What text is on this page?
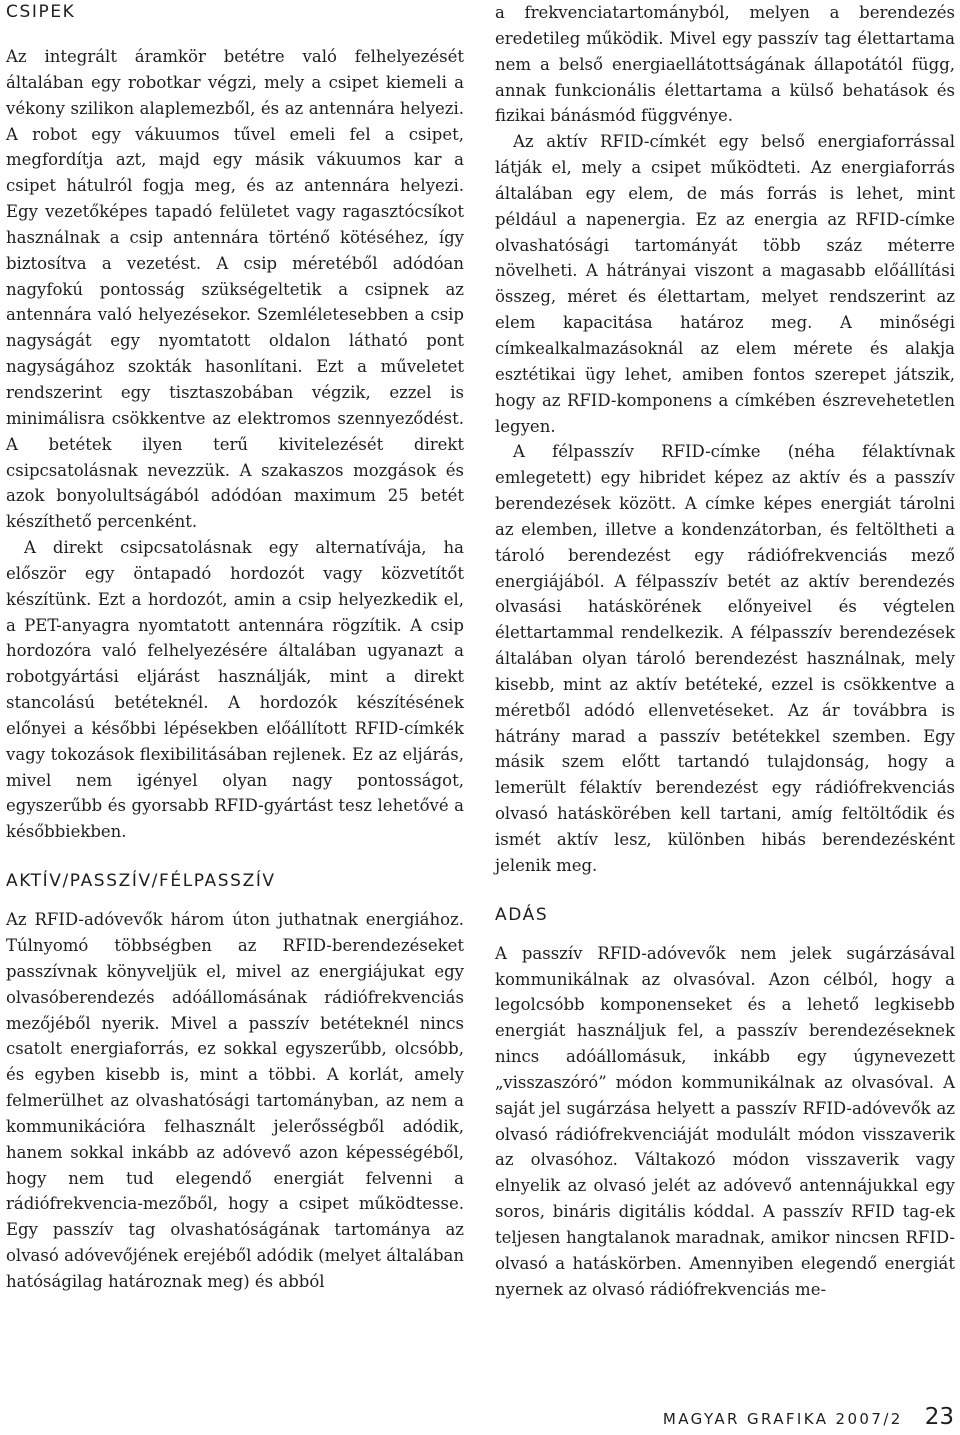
CSIPEK

Az integrált áramkör betétre való felhelyezését általában egy robotkar végzi, mely a csipet kiemeli a vékony szilikon alaplemezből, és az antennára helyezi. A robot egy vákuumos tűvel emeli fel a csipet, megfordítja azt, majd egy másik vákuumos kar a csipet hátulról fogja meg, és az antennára helyezi. Egy vezetőképes tapadó felületet vagy ragasztócsíkot használnak a csip antennára történő kötéséhez, így biztosítva a vezetést. A csip méretéből adódóan nagyfokú pontosság szükségeltetik a csipnek az antennára való helyezésekor. Szemléletesebben a csip nagyságát egy nyomtatott oldalon látható pont nagyságához szokták hasonlítani. Ezt a műveletet rendszerint egy tisztaszobában végzik, ezzel is minimálisra csökkentve az elektromos szennyeződést. A betétek ilyen terű kivitelezését direkt csipcsatolásnak nevezzük. A szakaszos mozgások és azok bonyolultságából adódóan maximum 25 betét készíthető percenként.

A direkt csipcsatolásnak egy alternatívája, ha először egy öntapadó hordozót vagy közvetítőt készítünk. Ezt a hordozót, amin a csip helyezkedik el, a PET-anyagra nyomtatott antennára rögzítik. A csip hordozóra való felhelyezésére általában ugyanazt a robotgyártási eljárást használják, mint a direkt stancolású betéteknél. A hordozók készítésének előnyei a későbbi lépésekben előállított RFID-címkék vagy tokozások flexibilitásában rejlenek. Ez az eljárás, mivel nem igényel olyan nagy pontosságot, egyszerűbb és gyorsabb RFID-gyártást tesz lehetővé a későbbiekben.

AKTÍV/PASSZÍV/FÉLPASSZÍV

Az RFID-adóvevők három úton juthatnak energiához. Túlnyomó többségben az RFID-berendezéseket passzívnak könyveljük el, mivel az energiájukat egy olvasóberendezés adóállomásának rádiófrekvenciás mezőjéből nyerik. Mivel a passzív betéteknél nincs csatolt energiaforrás, ez sokkal egyszerűbb, olcsóbb, és egyben kisebb is, mint a többi. A korlát, amely felmerülhet az olvashatósági tartományban, az nem a kommunikációra felhasznált jelerősségből adódik, hanem sokkal inkább az adóvevő azon képességéből, hogy nem tud elegendő energiát felvenni a rádiófrekvencia-mezőből, hogy a csipet működtesse. Egy passzív tag olvashatóságának tartománya az olvasó adóvevőjének erejéből adódik (melyet általában hatóságilag határoznak meg) és abból

a frekvenciatartományból, melyen a berendezés eredetileg működik. Mivel egy passzív tag élettartama nem a belső energiaellátottságának állapotától függ, annak funkcionális élettartama a külső behatások és fizikai bánásmód függvénye.

Az aktív RFID-címkét egy belső energiaforrással látják el, mely a csipet működteti. Az energiaforrás általában egy elem, de más forrás is lehet, mint például a napenergia. Ez az energia az RFID-címke olvashatósági tartományát több száz méterre növelheti. A hátrányai viszont a magasabb előállítási összeg, méret és élettartam, melyet rendszerint az elem kapacitása határoz meg. A minőségi címkealkalmazásoknál az elem mérete és alakja esztétikai ügy lehet, amiben fontos szerepet játszik, hogy az RFID-komponens a címkében észrevehetetlen legyen.

A félpasszív RFID-címke (néha félaktívnak emlegetett) egy hibridet képez az aktív és a passzív berendezések között. A címke képes energiát tárolni az elemben, illetve a kondenzátorban, és feltöltheti a tároló berendezést egy rádiófrekvenciás mező energiájából. A félpasszív betét az aktív berendezés olvasási hatáskörének előnyeivel és végtelen élettartammal rendelkezik. A félpasszív berendezések általában olyan tároló berendezést használnak, mely kisebb, mint az aktív betéteké, ezzel is csökkentve a méretből adódó ellenvetéseket. Az ár továbbra is hátrány marad a passzív betétekkel szemben. Egy másik szem előtt tartandó tulajdonság, hogy a lemerült félaktív berendezést egy rádiófrekvenciás olvasó hatáskörében kell tartani, amíg feltöltődik és ismét aktív lesz, különben hibás berendezésként jelenik meg.

ADÁS

A passzív RFID-adóvevők nem jelek sugárzásával kommunikálnak az olvasóval. Azon célból, hogy a legolcsóbb komponenseket és a lehető legkisebb energiát használjuk fel, a passzív berendezéseknek nincs adóállomásuk, inkább egy úgynevezett „visszaszóró” módon kommunikálnak az olvasóval. A saját jel sugárzása helyett a passzív RFID-adóvevők az olvasó rádiófrekvenciáját modulált módon visszaverik az olvasóhoz. Váltakozó módon visszaverik vagy elnyelik az olvasó jelét az adóvevő antennájukkal egy soros, bináris digitális kóddal. A passzív RFID tag-ek teljesen hangtalanok maradnak, amikor nincsen RFID-olvasó a hatáskörben. Amennyiben elegendő energiát nyernek az olvasó rádiófrekvenciás me-

MAGYAR GRAFIKA 2007/2 23
